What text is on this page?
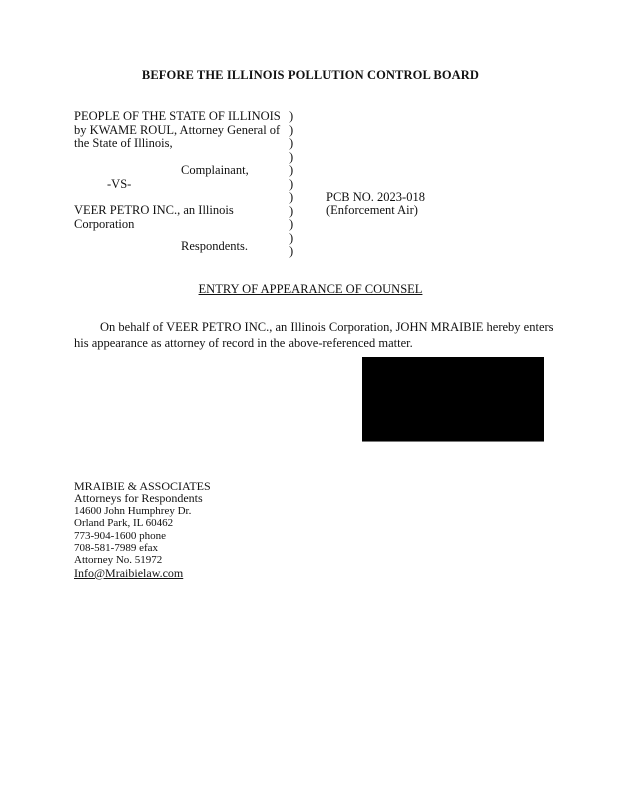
BEFORE THE ILLINOIS POLLUTION CONTROL BOARD
PEOPLE OF THE STATE OF ILLINOIS
by KWAME ROUL, Attorney General of
the State of Illinois,
Complainant,
-VS-
VEER PETRO INC., an Illinois
Corporation
Respondents.
)
)
)
)
)
)
)
)
)
)
)
PCB NO. 2023-018
(Enforcement Air)
ENTRY OF APPEARANCE OF COUNSEL
On behalf of VEER PETRO INC., an Illinois Corporation, JOHN MRAIBIE hereby enters his appearance as attorney of record in the above-referenced matter.
MRAIBIE & ASSOCIATES
Attorneys for Respondents
14600 John Humphrey Dr.
Orland Park, IL 60462
773-904-1600 phone
708-581-7989 efax
Attorney No. 51972
Info@Mraibielaw.com
